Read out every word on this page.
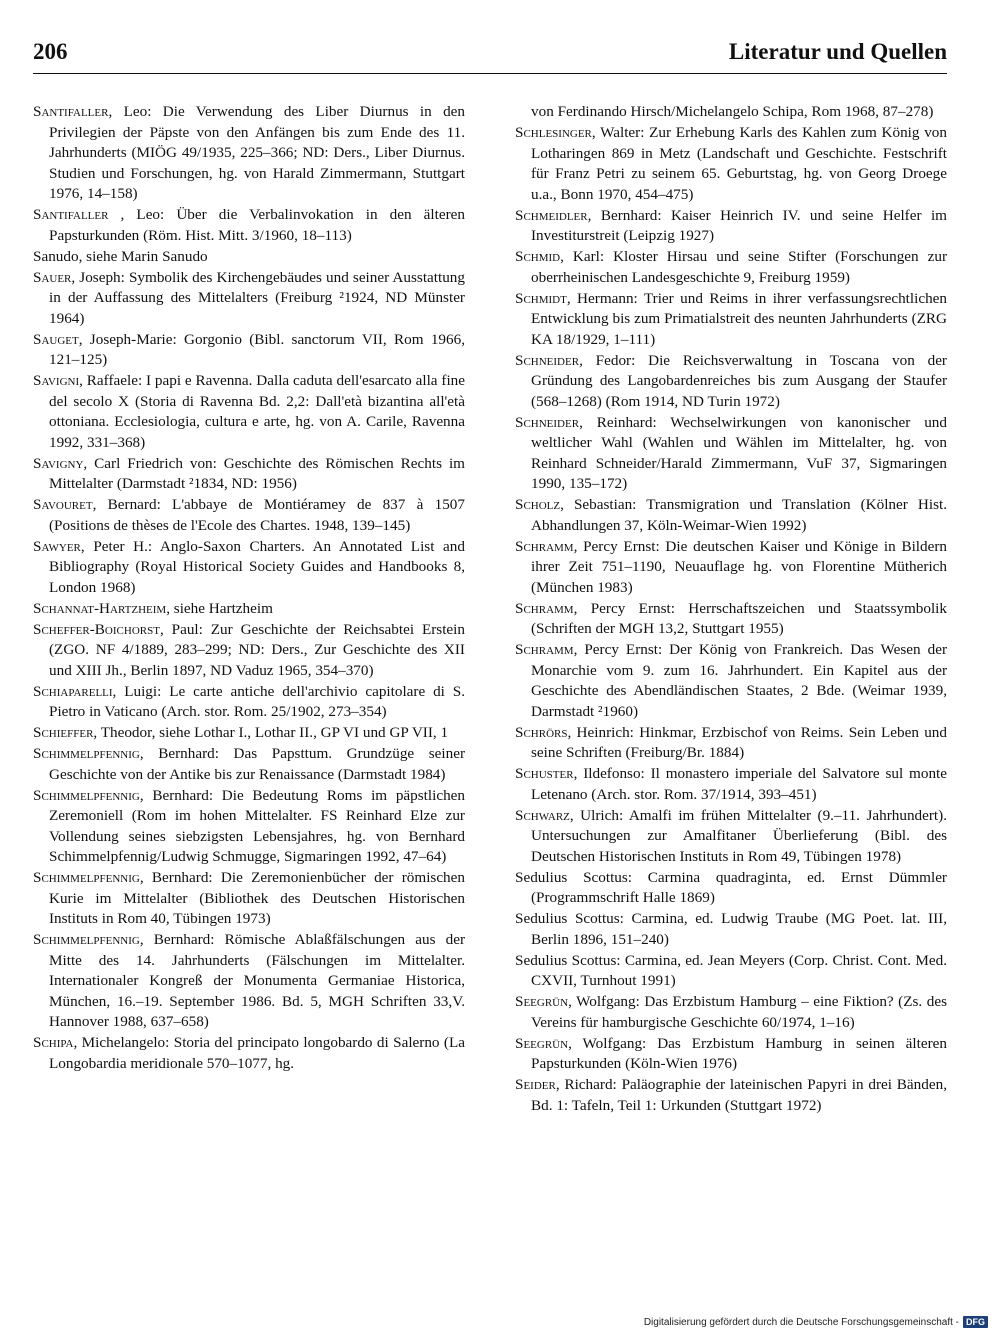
206	Literatur und Quellen

Santifaller, Leo: Die Verwendung des Liber Diurnus in den Privilegien der Päpste von den Anfängen bis zum Ende des 11. Jahrhunderts (MIÖG 49/1935, 225–366; ND: Ders., Liber Diurnus. Studien und Forschungen, hg. von Harald Zimmermann, Stuttgart 1976, 14–158)

Santifaller , Leo: Über die Verbalinvokation in den älteren Papsturkunden (Röm. Hist. Mitt. 3/1960, 18–113)

Sanudo, siehe Marin Sanudo

Sauer, Joseph: Symbolik des Kirchengebäudes und seiner Ausstattung in der Auffassung des Mittelalters (Freiburg ²1924, ND Münster 1964)

Sauget, Joseph-Marie: Gorgonio (Bibl. sanctorum VII, Rom 1966, 121–125)

Savigni, Raffaele: I papi e Ravenna. Dalla caduta dell'esarcato alla fine del secolo X (Storia di Ravenna Bd. 2,2: Dall'età bizantina all'età ottoniana. Ecclesiologia, cultura e arte, hg. von A. Carile, Ravenna 1992, 331–368)

Savigny, Carl Friedrich von: Geschichte des Römischen Rechts im Mittelalter (Darmstadt ²1834, ND: 1956)

Savouret, Bernard: L'abbaye de Montiéramey de 837 à 1507 (Positions de thèses de l'Ecole des Chartes. 1948, 139–145)

Sawyer, Peter H.: Anglo-Saxon Charters. An Annotated List and Bibliography (Royal Historical Society Guides and Handbooks 8, London 1968)

Schannat-Hartzheim, siehe Hartzheim

Scheffer-Boichorst, Paul: Zur Geschichte der Reichsabtei Erstein (ZGO. NF 4/1889, 283–299; ND: Ders., Zur Geschichte des XII und XIII Jh., Berlin 1897, ND Vaduz 1965, 354–370)

Schiaparelli, Luigi: Le carte antiche dell'archivio capitolare di S. Pietro in Vaticano (Arch. stor. Rom. 25/1902, 273–354)

Schieffer, Theodor, siehe Lothar I., Lothar II., GP VI und GP VII, 1

Schimmelpfennig, Bernhard: Das Papsttum. Grundzüge seiner Geschichte von der Antike bis zur Renaissance (Darmstadt 1984)

Schimmelpfennig, Bernhard: Die Bedeutung Roms im päpstlichen Zeremoniell (Rom im hohen Mittelalter. FS Reinhard Elze zur Vollendung seines siebzigsten Lebensjahres, hg. von Bernhard Schimmelpfennig/Ludwig Schmugge, Sigmaringen 1992, 47–64)

Schimmelpfennig, Bernhard: Die Zeremonienbücher der römischen Kurie im Mittelalter (Bibliothek des Deutschen Historischen Instituts in Rom 40, Tübingen 1973)

Schimmelpfennig, Bernhard: Römische Ablaßfälschungen aus der Mitte des 14. Jahrhunderts (Fälschungen im Mittelalter. Internationaler Kongreß der Monumenta Germaniae Historica, München, 16.–19. September 1986. Bd. 5, MGH Schriften 33,V. Hannover 1988, 637–658)

Schipa, Michelangelo: Storia del principato longobardo di Salerno (La Longobardia meridionale 570–1077, hg.

von Ferdinando Hirsch/Michelangelo Schipa, Rom 1968, 87–278)

Schlesinger, Walter: Zur Erhebung Karls des Kahlen zum König von Lotharingen 869 in Metz (Landschaft und Geschichte. Festschrift für Franz Petri zu seinem 65. Geburtstag, hg. von Georg Droege u.a., Bonn 1970, 454–475)

Schmeidler, Bernhard: Kaiser Heinrich IV. und seine Helfer im Investiturstreit (Leipzig 1927)

Schmid, Karl: Kloster Hirsau und seine Stifter (Forschungen zur oberrheinischen Landesgeschichte 9, Freiburg 1959)

Schmidt, Hermann: Trier und Reims in ihrer verfassungsrechtlichen Entwicklung bis zum Primatialstreit des neunten Jahrhunderts (ZRG KA 18/1929, 1–111)

Schneider, Fedor: Die Reichsverwaltung in Toscana von der Gründung des Langobardenreiches bis zum Ausgang der Staufer (568–1268) (Rom 1914, ND Turin 1972)

Schneider, Reinhard: Wechselwirkungen von kanonischer und weltlicher Wahl (Wahlen und Wählen im Mittelalter, hg. von Reinhard Schneider/Harald Zimmermann, VuF 37, Sigmaringen 1990, 135–172)

Scholz, Sebastian: Transmigration und Translation (Kölner Hist. Abhandlungen 37, Köln-Weimar-Wien 1992)

Schramm, Percy Ernst: Die deutschen Kaiser und Könige in Bildern ihrer Zeit 751–1190, Neuauflage hg. von Florentine Mütherich (München 1983)

Schramm, Percy Ernst: Herrschaftszeichen und Staatssymbolik (Schriften der MGH 13,2, Stuttgart 1955)

Schramm, Percy Ernst: Der König von Frankreich. Das Wesen der Monarchie vom 9. zum 16. Jahrhundert. Ein Kapitel aus der Geschichte des Abendländischen Staates, 2 Bde. (Weimar 1939, Darmstadt ²1960)

Schrörs, Heinrich: Hinkmar, Erzbischof von Reims. Sein Leben und seine Schriften (Freiburg/Br. 1884)

Schuster, Ildefonso: Il monastero imperiale del Salvatore sul monte Letenano (Arch. stor. Rom. 37/1914, 393–451)

Schwarz, Ulrich: Amalfi im frühen Mittelalter (9.–11. Jahrhundert). Untersuchungen zur Amalfitaner Überlieferung (Bibl. des Deutschen Historischen Instituts in Rom 49, Tübingen 1978)

Sedulius Scottus: Carmina quadraginta, ed. Ernst Dümmler (Programmschrift Halle 1869)

Sedulius Scottus: Carmina, ed. Ludwig Traube (MG Poet. lat. III, Berlin 1896, 151–240)

Sedulius Scottus: Carmina, ed. Jean Meyers (Corp. Christ. Cont. Med. CXVII, Turnhout 1991)

Seegrün, Wolfgang: Das Erzbistum Hamburg – eine Fiktion? (Zs. des Vereins für hamburgische Geschichte 60/1974, 1–16)

Seegrün, Wolfgang: Das Erzbistum Hamburg in seinen älteren Papsturkunden (Köln-Wien 1976)

Seider, Richard: Paläographie der lateinischen Papyri in drei Bänden, Bd. 1: Tafeln, Teil 1: Urkunden (Stuttgart 1972)

Digitalisierung gefördert durch die Deutsche Forschungsgemeinschaft - DFG
